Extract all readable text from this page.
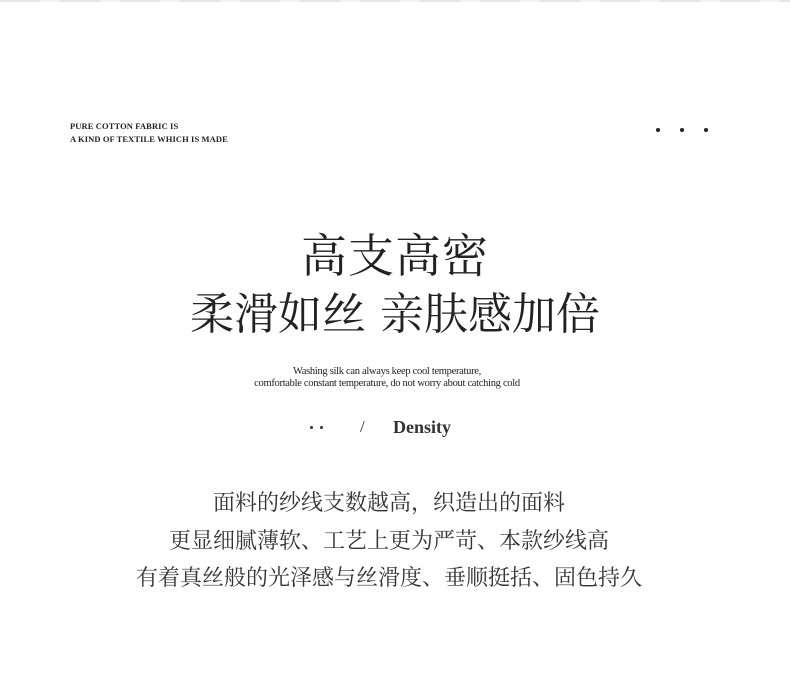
PURE COTTON FABRIC IS
A KIND OF TEXTILE WHICH IS MADE
高支高密
柔滑如丝 亲肤感加倍
Washing silk can always keep cool temperature,
comfortable constant temperature, do not worry about catching cold
/ Density
面料的纱线支数越高，织造出的面料
更显细腻薄软、工艺上更为严苛、本款纱线高
有着真丝般的光泽感与丝滑度、垂顺挺括、固色持久
